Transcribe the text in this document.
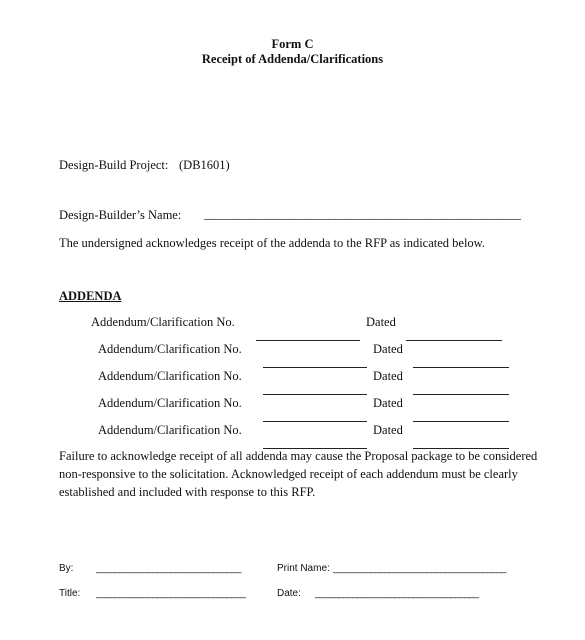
Form C
Receipt of Addenda/Clarifications
Design-Build Project: (DB1601)
Design-Builder’s Name: ________________________________________________________
The undersigned acknowledges receipt of the addenda to the RFP as indicated below.
ADDENDA
Addendum/Clarification No.	Dated
Addendum/Clarification No.	Dated
Addendum/Clarification No.	Dated
Addendum/Clarification No.	Dated
Addendum/Clarification No.	Dated
Failure to acknowledge receipt of all addenda may cause the Proposal package to be considered
non-responsive to the solicitation. Acknowledged receipt of each addendum must be clearly
established and included with response to this RFP.
By: _______________________________	Print Name: _____________________________________
Title: ________________________________	Date: ___________________________________
